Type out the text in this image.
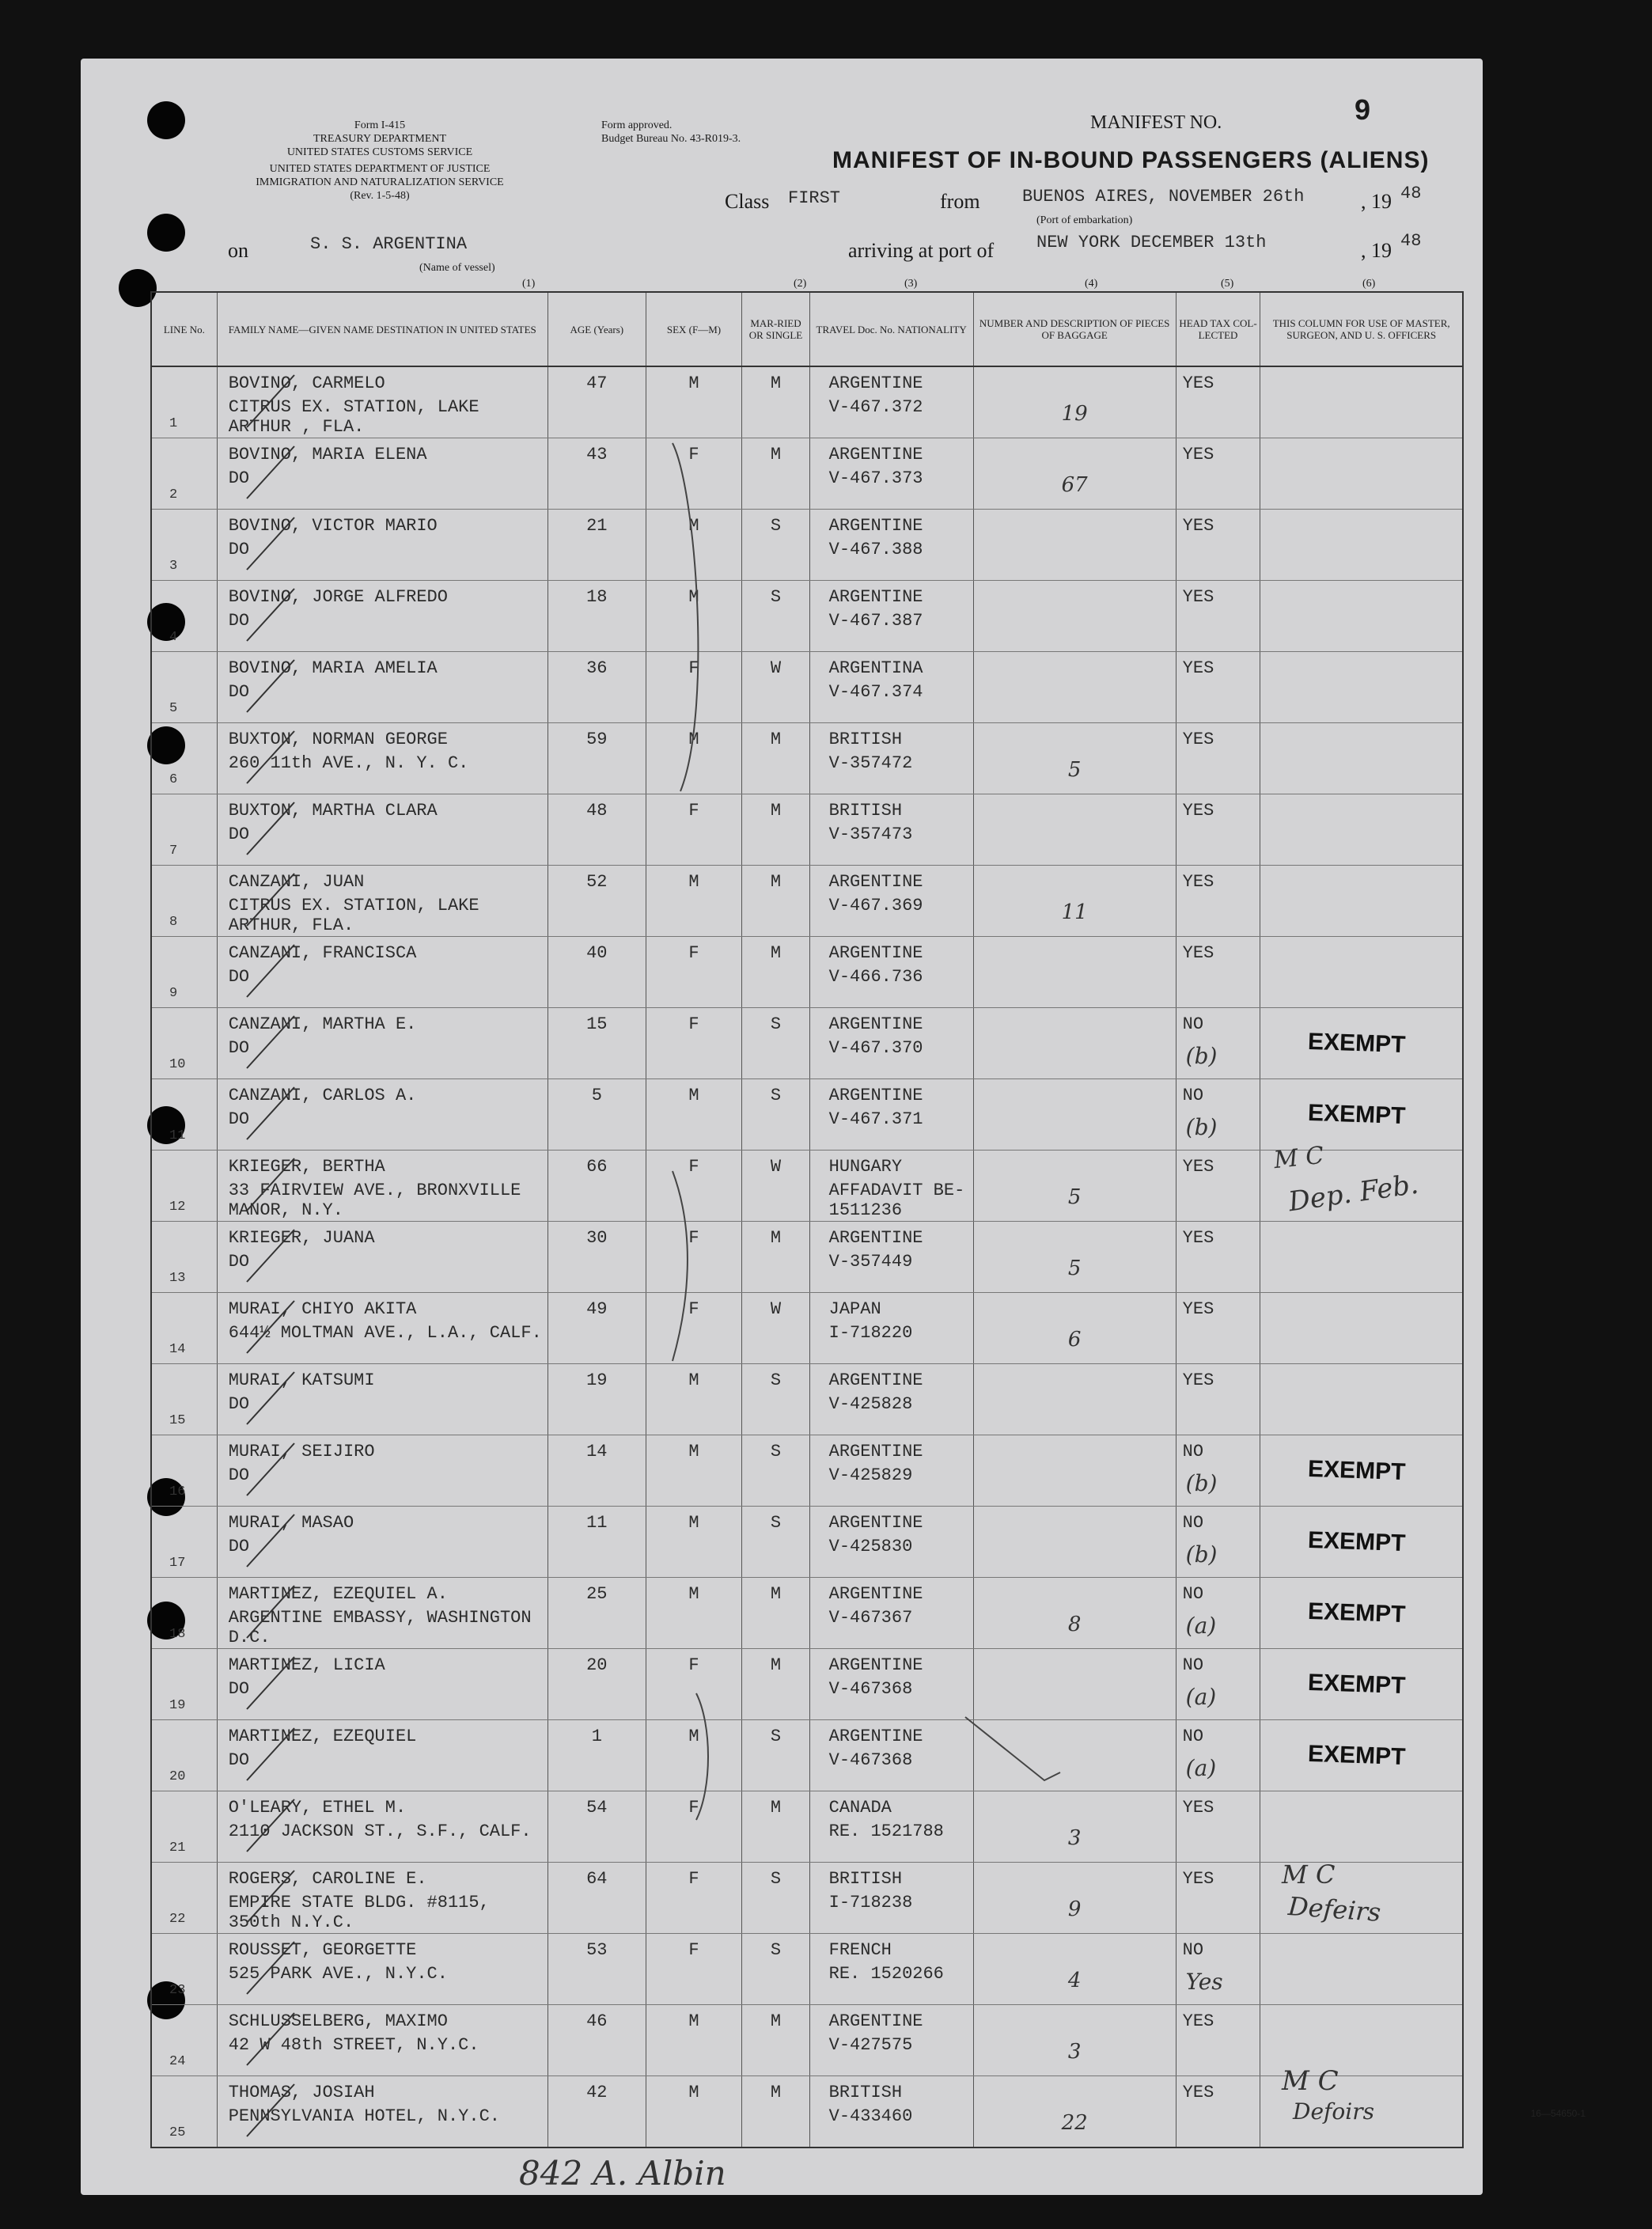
Form I-415
TREASURY DEPARTMENT
UNITED STATES CUSTOMS SERVICE
UNITED STATES DEPARTMENT OF JUSTICE
IMMIGRATION AND NATURALIZATION SERVICE
(Rev. 1-5-48)
Form approved.
Budget Bureau No. 43-R019-3.
MANIFEST NO.	9
MANIFEST OF IN-BOUND PASSENGERS (ALIENS)
Class FIRST	from BUENOS AIRES, NOVEMBER 26th	, 19 48
(Port of embarkation)
on	S. S. ARGENTINA
(Name of vessel)
arriving at port of NEW YORK DECEMBER 13th	, 19 48
(1)	(2)	(3)	(4)	(5)	(6)
LINE No.	FAMILY NAME—GIVEN NAME DESTINATION IN UNITED STATES	AGE (Years)	SEX (F—M)	MAR-RIED OR SINGLE	TRAVEL Doc. No. NATIONALITY	NUMBER AND DESCRIPTION OF PIECES OF BAGGAGE	HEAD TAX COL-LECTED	THIS COLUMN FOR USE OF MASTER, SURGEON, AND U. S. OFFICERS

1	BOVINO, CARMELO
CITRUS EX. STATION, LAKE ARTHUR , FLA.	47	M	M	ARGENTINE
V-467.372	19	YES	

2	BOVINO, MARIA ELENA
DO	43	F	M	ARGENTINE
V-467.373	67	YES	

3	BOVINO, VICTOR MARIO
DO	21	M	S	ARGENTINE
V-467.388		YES	

4	BOVINO, JORGE ALFREDO
DO	18	M	S	ARGENTINE
V-467.387		YES	

5	BOVINO, MARIA AMELIA
DO	36	F	W	ARGENTINA
V-467.374		YES	

6	BUXTON, NORMAN GEORGE
260 11th AVE., N. Y. C.	59	M	M	BRITISH
V-357472	5	YES	

7	BUXTON, MARTHA CLARA
DO	48	F	M	BRITISH
V-357473		YES	

8	CANZANI, JUAN
CITRUS EX. STATION, LAKE ARTHUR, FLA.	52	M	M	ARGENTINE
V-467.369	11	YES	

9	CANZANI, FRANCISCA
DO	40	F	M	ARGENTINE
V-466.736		YES	

10	CANZANI, MARTHA E.
DO	15	F	S	ARGENTINE
V-467.370		NO
(b)	EXEMPT

11	CANZANI, CARLOS A.
DO	5	M	S	ARGENTINE
V-467.371		NO
(b)	EXEMPT

12	KRIEGER, BERTHA
33 FAIRVIEW AVE., BRONXVILLE MANOR, N.Y.	66	F	W	HUNGARY
AFFADAVIT BE-1511236	5	YES	

13	KRIEGER, JUANA
DO	30	F	M	ARGENTINE
V-357449	5	YES	

14	MURAI, CHIYO AKITA
644½ MOLTMAN AVE., L.A., CALF.	49	F	W	JAPAN
I-718220	6	YES	

15	MURAI, KATSUMI
DO	19	M	S	ARGENTINE
V-425828		YES	

16	MURAI, SEIJIRO
DO	14	M	S	ARGENTINE
V-425829		NO
(b)	EXEMPT

17	MURAI, MASAO
DO	11	M	S	ARGENTINE
V-425830		NO
(b)	EXEMPT

18	MARTINEZ, EZEQUIEL A.
ARGENTINE EMBASSY, WASHINGTON D.C.	25	M	M	ARGENTINE
V-467367	8	NO
(a)	EXEMPT

19	MARTINEZ, LICIA
DO	20	F	M	ARGENTINE
V-467368		NO
(a)	EXEMPT

20	MARTINEZ, EZEQUIEL
DO	1	M	S	ARGENTINE
V-467368		NO
(a)	EXEMPT

21	O'LEARY, ETHEL M.
2110 JACKSON ST., S.F., CALF.	54	F	M	CANADA
RE. 1521788	3	YES	

22	ROGERS, CAROLINE E.
EMPIRE STATE BLDG. #8115, 350th N.Y.C.	64	F	S	BRITISH
I-718238	9	YES	

23	ROUSSET, GEORGETTE
525 PARK AVE., N.Y.C.	53	F	S	FRENCH
RE. 1520266	4	NO
Yes	

24	SCHLUSSELBERG, MAXIMO
42 W 48th STREET, N.Y.C.	46	M	M	ARGENTINE
V-427575	3	YES	

25	THOMAS, JOSIAH
PENNSYLVANIA HOTEL, N.Y.C.	42	M	M	BRITISH
V-433460	22	YES	

M C
Dep. Feb.
M C
Defeirs
M C
Defoirs
842 A. Albin
16—54650-1
